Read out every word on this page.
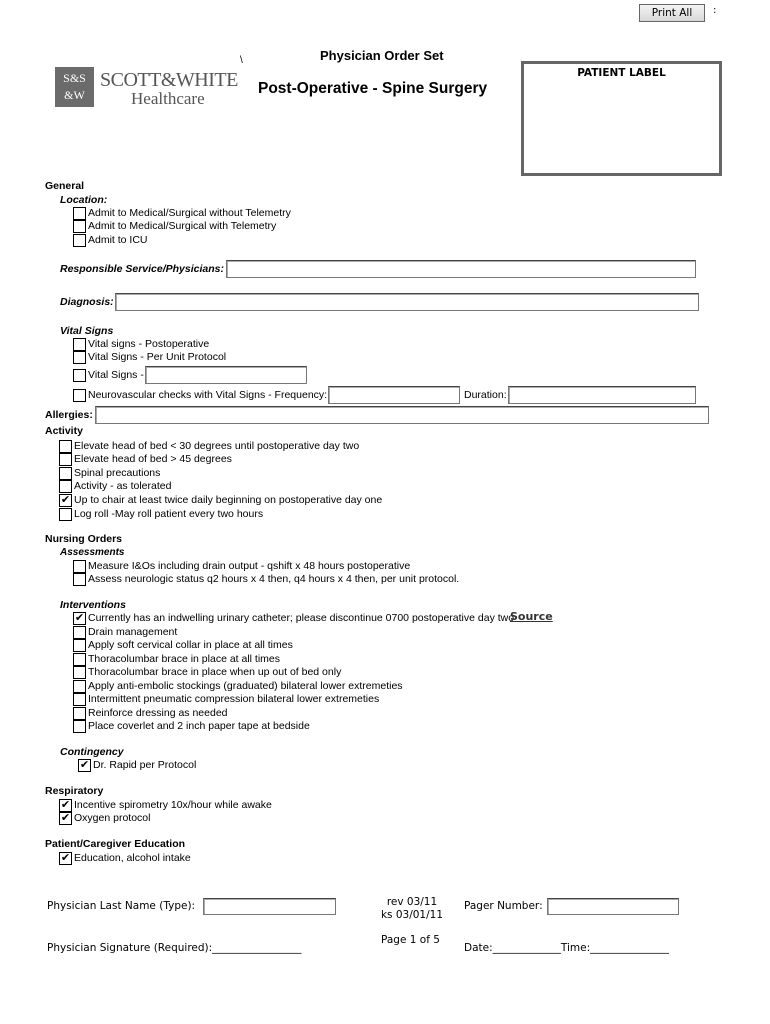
Print All	:
\	Physician Order Set
S&S
&W
SCOTT&WHITE
Healthcare
Post-Operative - Spine Surgery
PATIENT LABEL
General
Location:
Admit to Medical/Surgical without Telemetry
Admit to Medical/Surgical with Telemetry
Admit to ICU
Responsible Service/Physicians:
Diagnosis:
Vital Signs
Vital signs - Postoperative
Vital Signs - Per Unit Protocol
Vital Signs -
Neurovascular checks with Vital Signs - Frequency:	Duration:
Allergies:
Activity
Elevate head of bed < 30 degrees until postoperative day two
Elevate head of bed > 45 degrees
Spinal precautions
Activity - as tolerated
✔ Up to chair at least twice daily beginning on postoperative day one
Log roll -May roll patient every two hours
Nursing Orders
Assessments
Measure I&Os including drain output - qshift x 48 hours postoperative
Assess neurologic status q2 hours x 4 then, q4 hours x 4 then, per unit protocol.
Interventions
✔ Currently has an indwelling urinary catheter; please discontinue 0700 postoperative day two
Source
Drain management
Apply soft cervical collar in place at all times
Thoracolumbar brace in place at all times
Thoracolumbar brace in place when up out of bed only
Apply anti-embolic stockings (graduated) bilateral lower extremeties
Intermittent pneumatic compression bilateral lower extremeties
Reinforce dressing as needed
Place coverlet and 2 inch paper tape at bedside
Contingency
✔ Dr. Rapid per Protocol
Respiratory
✔ Incentive spirometry 10x/hour while awake
✔ Oxygen protocol
Patient/Caregiver Education
✔ Education, alcohol intake
Physician Last Name (Type):	rev 03/11
ks 03/01/11
Pager Number:
Physician Signature (Required):_________________
Page 1 of 5
Date:_____________Time:_______________
